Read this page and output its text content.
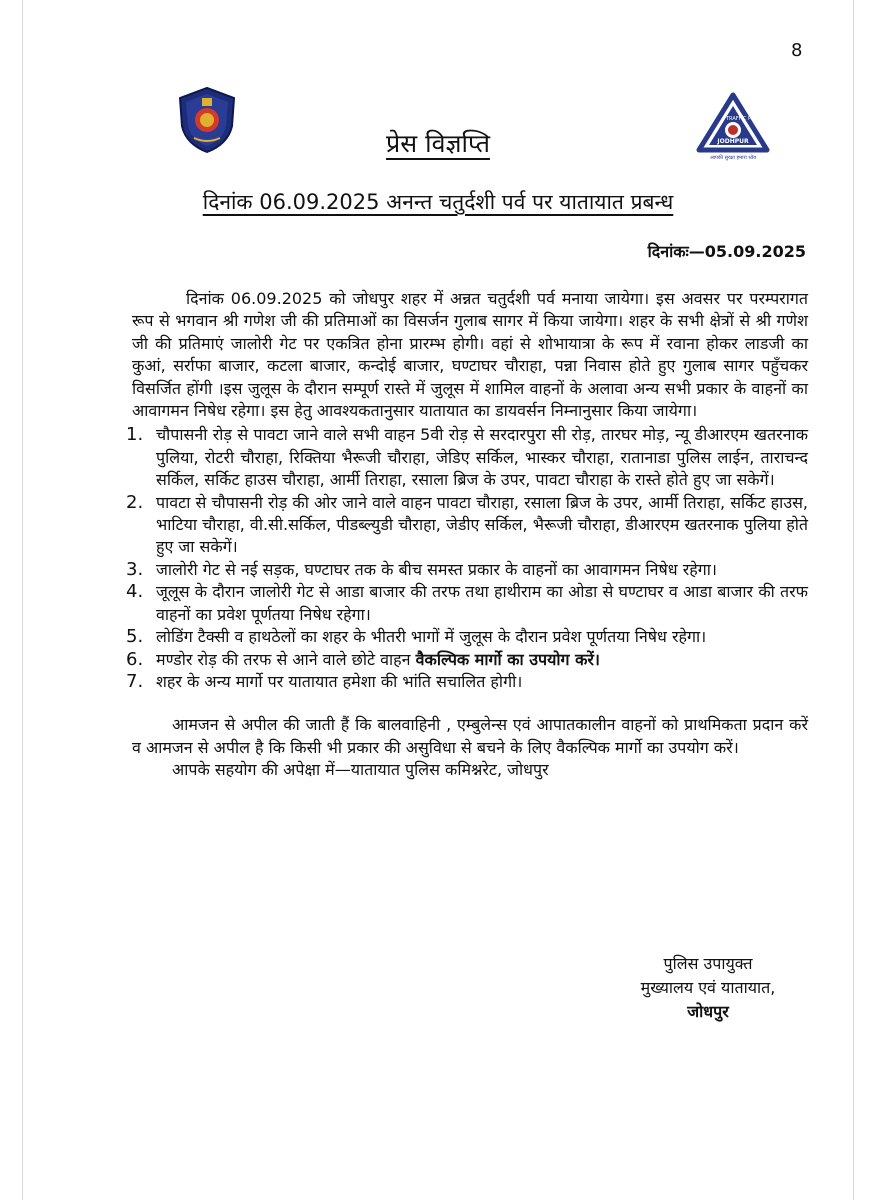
8
TRAFFIC POLICE
JODHPUR
आपकी सुरक्षा हमारा ध्येय
प्रेस विज्ञप्ति
दिनांक 06.09.2025 अनन्त चतुर्दशी पर्व पर यातायात प्रबन्ध
दिनांकः—05.09.2025

दिनांक 06.09.2025 को जोधपुर शहर में अन्नत चतुर्दशी पर्व मनाया जायेगा। इस अवसर पर परम्परागत रूप से भगवान श्री गणेश जी की प्रतिमाओं का विसर्जन गुलाब सागर में किया जायेगा। शहर के सभी क्षेत्रों से श्री गणेश जी की प्रतिमाएं जालोरी गेट पर एकत्रित होना प्रारम्भ होगी। वहां से शोभायात्रा के रूप में रवाना होकर लाडजी का कुआं, सर्राफा बाजार, कटला बाजार, कन्दोई बाजार, घण्टाघर चौराहा, पन्ना निवास होते हुए गुलाब सागर पहुँचकर विसर्जित होंगी ।इस जुलूस के दौरान सम्पूर्ण रास्ते में जुलूस में शामिल वाहनों के अलावा अन्य सभी प्रकार के वाहनों का आवागमन निषेध रहेगा। इस हेतु आवश्यकतानुसार यातायात का डायवर्सन निम्नानुसार किया जायेगा।

1. चौपासनी रोड़ से पावटा जाने वाले सभी वाहन 5वी रोड़ से सरदारपुरा सी रोड़, तारघर मोड़, न्यू डीआरएम खतरनाक पुलिया, रोटरी चौराहा, रिक्तिया भैरूजी चौराहा, जेडिए सर्किल, भास्कर चौराहा, रातानाडा पुलिस लाईन, ताराचन्द सर्किल, सर्किट हाउस चौराहा, आर्मी तिराहा, रसाला ब्रिज के उपर, पावटा चौराहा के रास्ते होते हुए जा सकेगें।
2. पावटा से चौपासनी रोड़ की ओर जाने वाले वाहन पावटा चौराहा, रसाला ब्रिज के उपर, आर्मी तिराहा, सर्किट हाउस, भाटिया चौराहा, वी.सी.सर्किल, पीडब्ल्युडी चौराहा, जेडीए सर्किल, भैरूजी चौराहा, डीआरएम खतरनाक पुलिया होते हुए जा सकेगें।
3. जालोरी गेट से नई सड़क, घण्टाघर तक के बीच समस्त प्रकार के वाहनों का आवागमन निषेध रहेगा।
4. जूलूस के दौरान जालोरी गेट से आडा बाजार की तरफ तथा हाथीराम का ओडा से घण्टाघर व आडा बाजार की तरफ वाहनों का प्रवेश पूर्णतया निषेध रहेगा।
5. लोडिंग टैक्सी व हाथठेलों का शहर के भीतरी भागों में जुलूस के दौरान प्रवेश पूर्णतया निषेध रहेगा।
6. मण्डोर रोड़ की तरफ से आने वाले छोटे वाहन वैकल्पिक मार्गो का उपयोग करें।
7. शहर के अन्य मार्गो पर यातायात हमेशा की भांति सचालित होगी।

आमजन से अपील की जाती हैं कि बालवाहिनी , एम्बुलेन्स एवं आपातकालीन वाहनों को प्राथमिकता प्रदान करें व आमजन से अपील है कि किसी भी प्रकार की असुविधा से बचने के लिए वैकल्पिक मार्गो का उपयोग करें।

आपके सहयोग की अपेक्षा में—यातायात पुलिस कमिश्नरेट, जोधपुर

पुलिस उपायुक्त
मुख्यालय एवं यातायात,
जोधपुर
